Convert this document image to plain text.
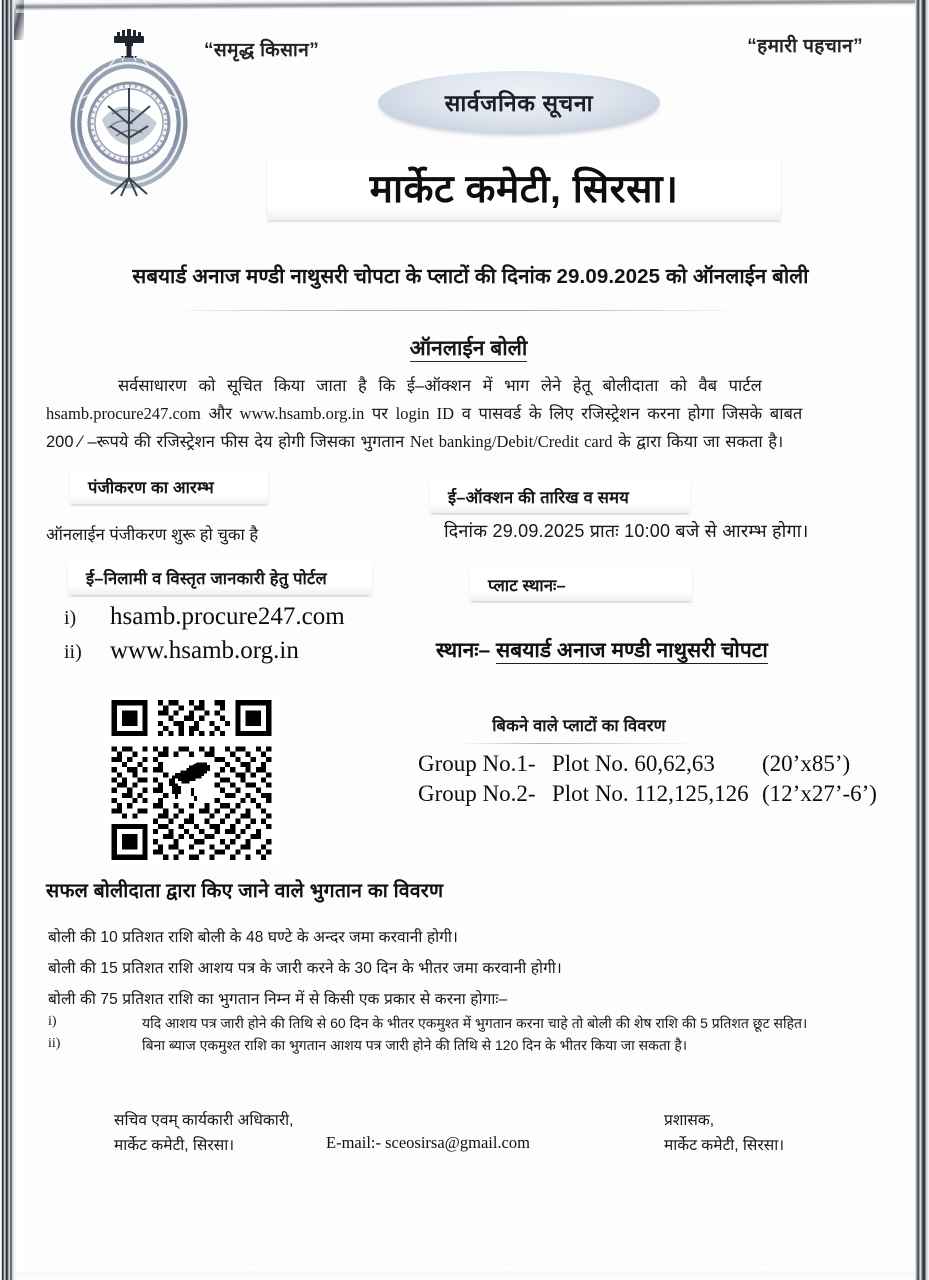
“समृद्ध किसान”	“हमारी पहचान”
सार्वजनिक सूचना
मार्केट कमेटी, सिरसा।
सबयार्ड अनाज मण्डी नाथुसरी चोपटा के प्लाटों की दिनांक 29.09.2025 को ऑनलाईन बोली
ऑनलाईन बोली
सर्वसाधारण को सूचित किया जाता है कि ई–ऑक्शन में भाग लेने हेतू बोलीदाता को वैब पार्टल
hsamb.procure247.com और www.hsamb.org.in पर login ID व पासवर्ड के लिए रजिस्ट्रेशन करना होगा जिसके बाबत
200 ⁄ –रूपये की रजिस्ट्रेशन फीस देय होगी जिसका भुगतान Net banking/Debit/Credit card के द्वारा किया जा सकता है।
पंजीकरण का आरम्भ
ऑनलाईन पंजीकरण शुरू हो चुका है
ई–ऑक्शन की तारिख व समय
दिनांक 29.09.2025 प्रातः 10:00 बजे से आरम्भ होगा।
ई–निलामी व विस्तृत जानकारी हेतु पोर्टल
i)	hsamb.procure247.com
ii)	www.hsamb.org.in
प्लाट स्थानः–
स्थानः– सबयार्ड अनाज मण्डी नाथुसरी चोपटा
बिकने वाले प्लाटों का विवरण
Group No.1- Plot No. 60,62,63	(20’x85’)
Group No.2- Plot No. 112,125,126 (12’x27’-6’)
सफल बोलीदाता द्वारा किए जाने वाले भुगतान का विवरण
बोली की 10 प्रतिशत राशि बोली के 48 घण्टे के अन्दर जमा करवानी होगी।
बोली की 15 प्रतिशत राशि आशय पत्र के जारी करने के 30 दिन के भीतर जमा करवानी होगी।
बोली की 75 प्रतिशत राशि का भुगतान निम्न में से किसी एक प्रकार से करना होगाः–
i)	यदि आशय पत्र जारी होने की तिथि से 60 दिन के भीतर एकमुश्त में भुगतान करना चाहे तो बोली की शेष राशि की 5 प्रतिशत छूट सहित।
ii)	बिना ब्याज एकमुश्त राशि का भुगतान आशय पत्र जारी होने की तिथि से 120 दिन के भीतर किया जा सकता है।
सचिव एवम् कार्यकारी अधिकारी,
मार्केट कमेटी, सिरसा।	E-mail:- sceosirsa@gmail.com
प्रशासक,
मार्केट कमेटी, सिरसा।
